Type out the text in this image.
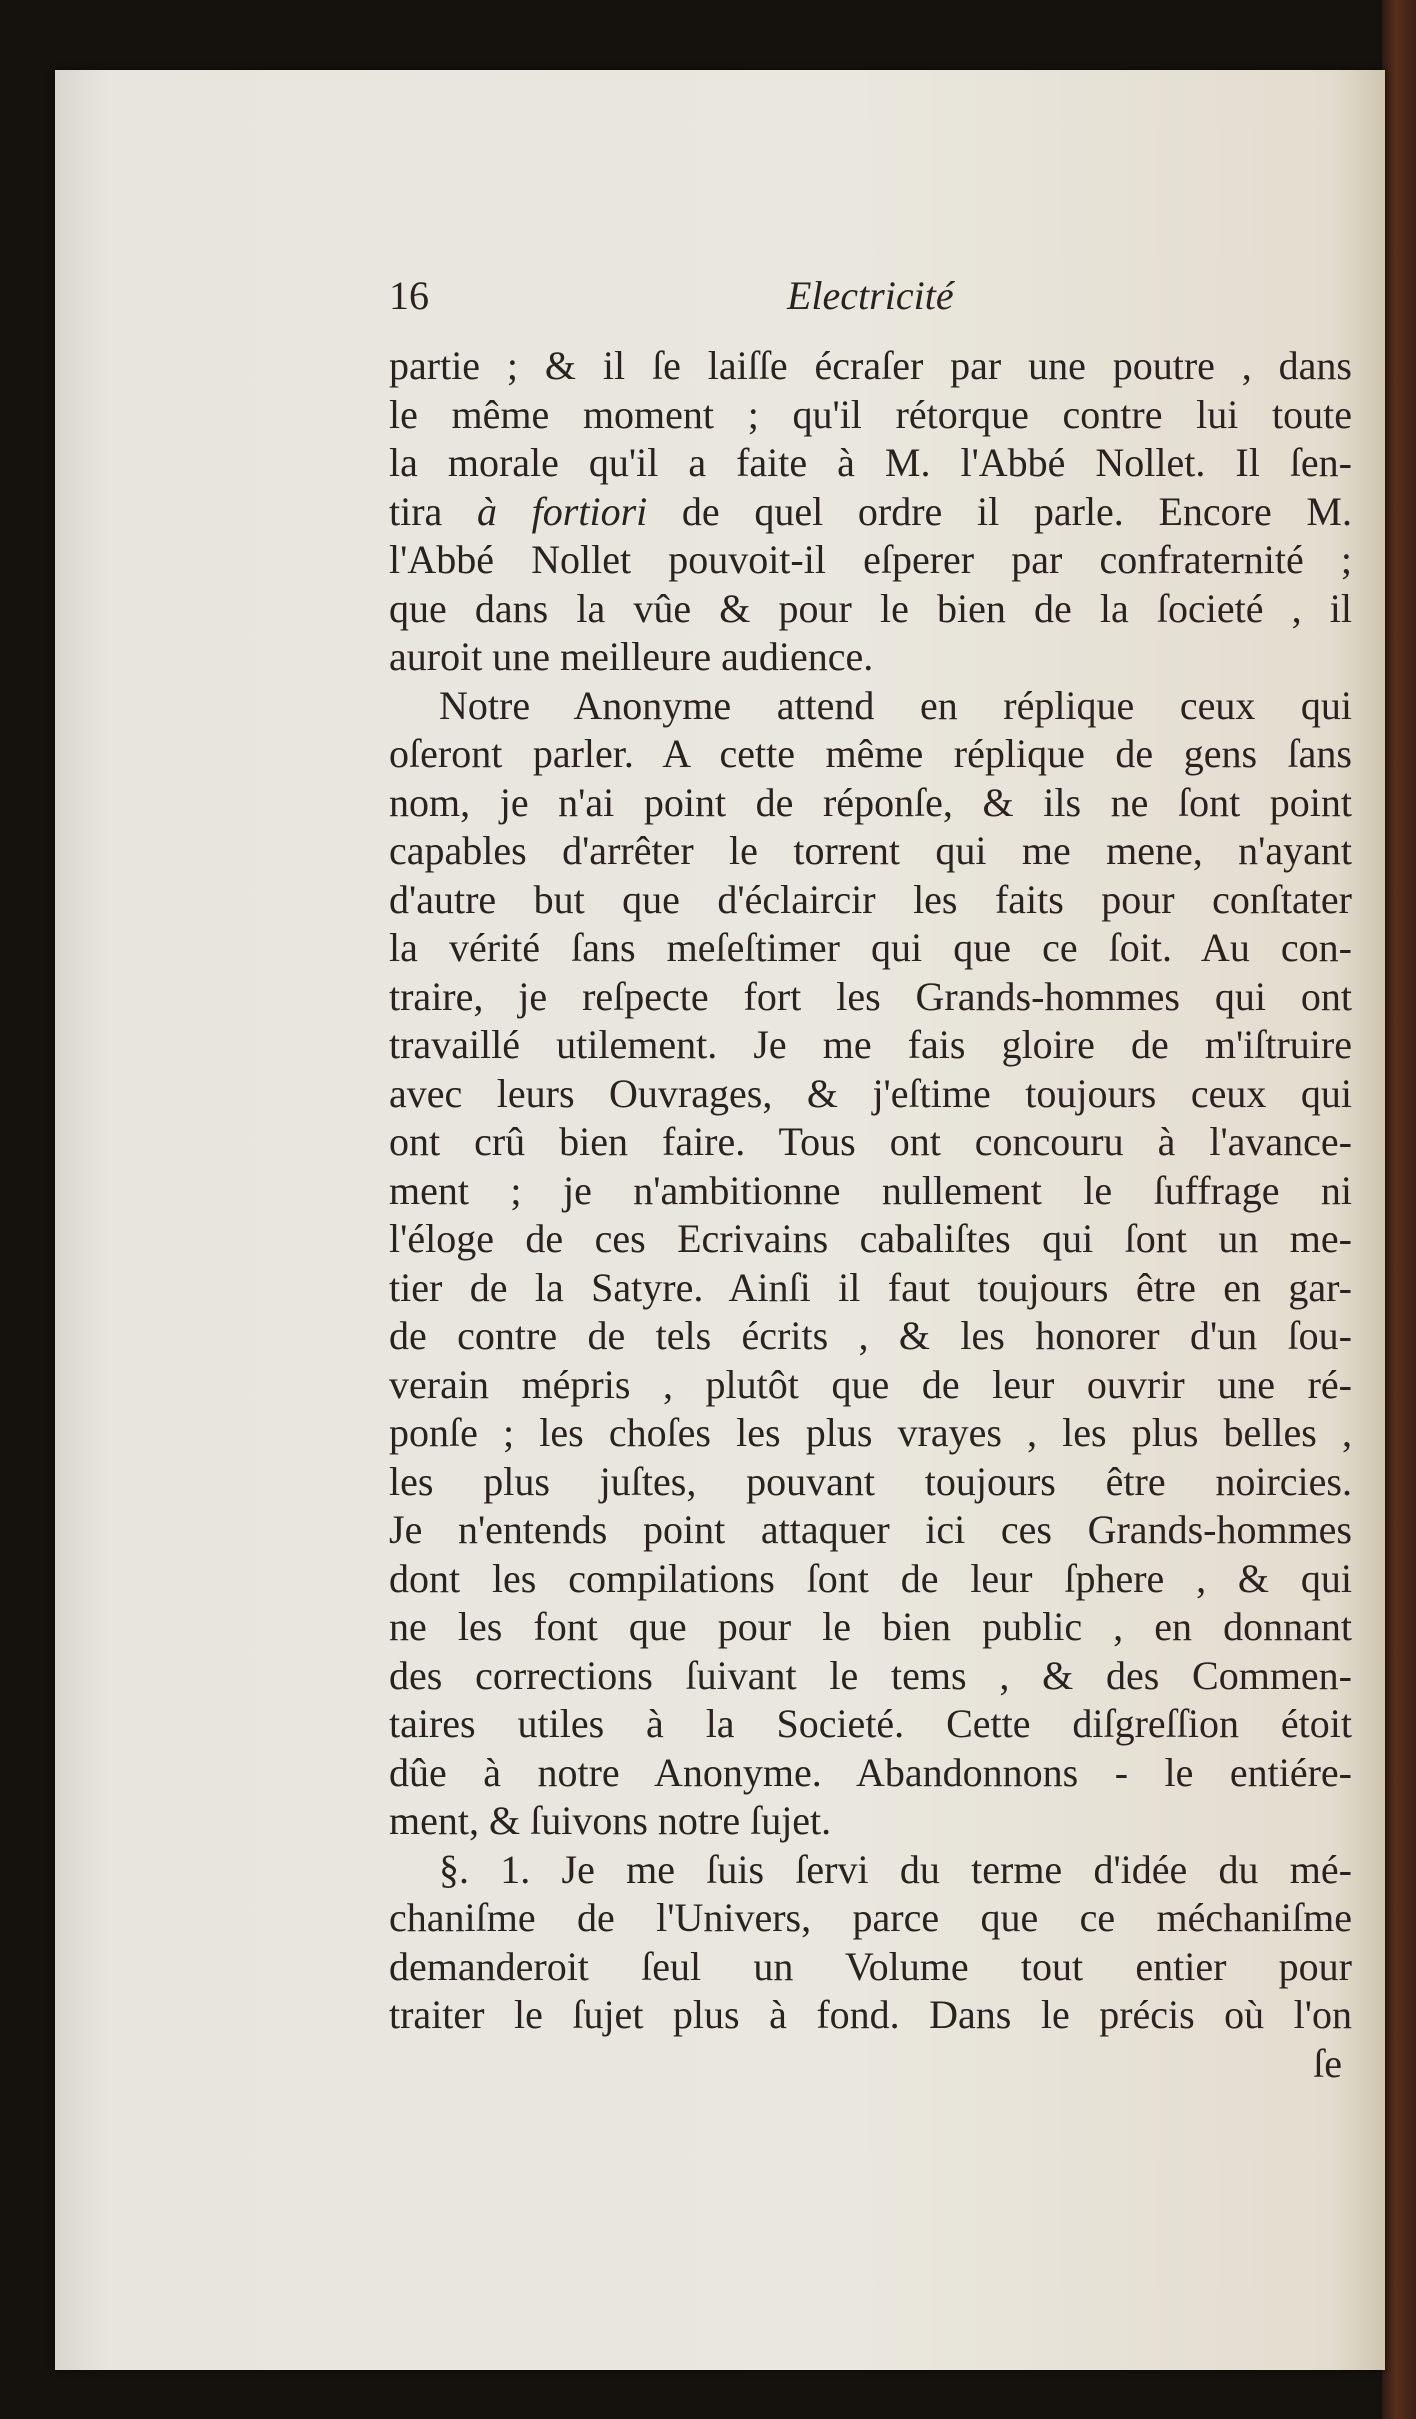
16	Electricité
partie ; & il ſe laiſſe écraſer par une poutre , dans
le même moment ; qu'il rétorque contre lui toute
la morale qu'il a faite à M. l'Abbé Nollet. Il ſen-
tira à fortiori de quel ordre il parle. Encore M.
l'Abbé Nollet pouvoit-il eſperer par confraternité ;
que dans la vûe & pour le bien de la ſocieté , il
auroit une meilleure audience.
Notre Anonyme attend en réplique ceux qui
oſeront parler. A cette même réplique de gens ſans
nom, je n'ai point de réponſe, & ils ne ſont point
capables d'arrêter le torrent qui me mene, n'ayant
d'autre but que d'éclaircir les faits pour conſtater
la vérité ſans meſeſtimer qui que ce ſoit. Au con-
traire, je reſpecte fort les Grands-hommes qui ont
travaillé utilement. Je me fais gloire de m'iſtruire
avec leurs Ouvrages, & j'eſtime toujours ceux qui
ont crû bien faire. Tous ont concouru à l'avance-
ment ; je n'ambitionne nullement le ſuffrage ni
l'éloge de ces Ecrivains cabaliſtes qui ſont un me-
tier de la Satyre. Ainſi il faut toujours être en gar-
de contre de tels écrits , & les honorer d'un ſou-
verain mépris , plutôt que de leur ouvrir une ré-
ponſe ; les choſes les plus vrayes , les plus belles ,
les plus juſtes, pouvant toujours être noircies.
Je n'entends point attaquer ici ces Grands-hommes
dont les compilations ſont de leur ſphere , & qui
ne les font que pour le bien public , en donnant
des corrections ſuivant le tems , & des Commen-
taires utiles à la Societé. Cette diſgreſſion étoit
dûe à notre Anonyme. Abandonnons - le entiére-
ment, & ſuivons notre ſujet.
§. 1. Je me ſuis ſervi du terme d'idée du mé-
chaniſme de l'Univers, parce que ce méchaniſme
demanderoit ſeul un Volume tout entier pour
traiter le ſujet plus à fond. Dans le précis où l'on
ſe
